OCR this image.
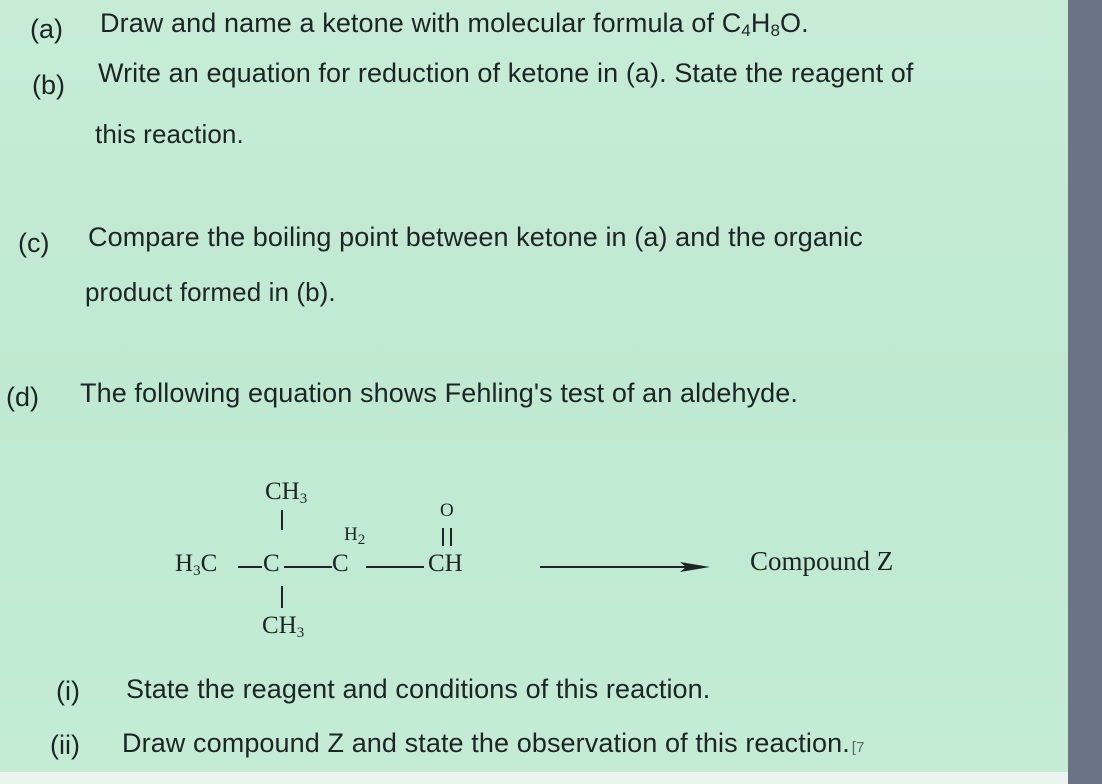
(a) Draw and name a ketone with molecular formula of $C_4H_8O$.
(b) Write an equation for reduction of ketone in (a). State the reagent of
this reaction.
(c) Compare the boiling point between ketone in (a) and the organic
product formed in (b).
(d) The following equation shows Fehling's test of an aldehyde.
CH3
H3C C
$H_2$
C
O
CH
CH3
Compound Z
(i) State the reagent and conditions of this reaction.
(ii) Draw compound Z and state the observation of this reaction. [7
